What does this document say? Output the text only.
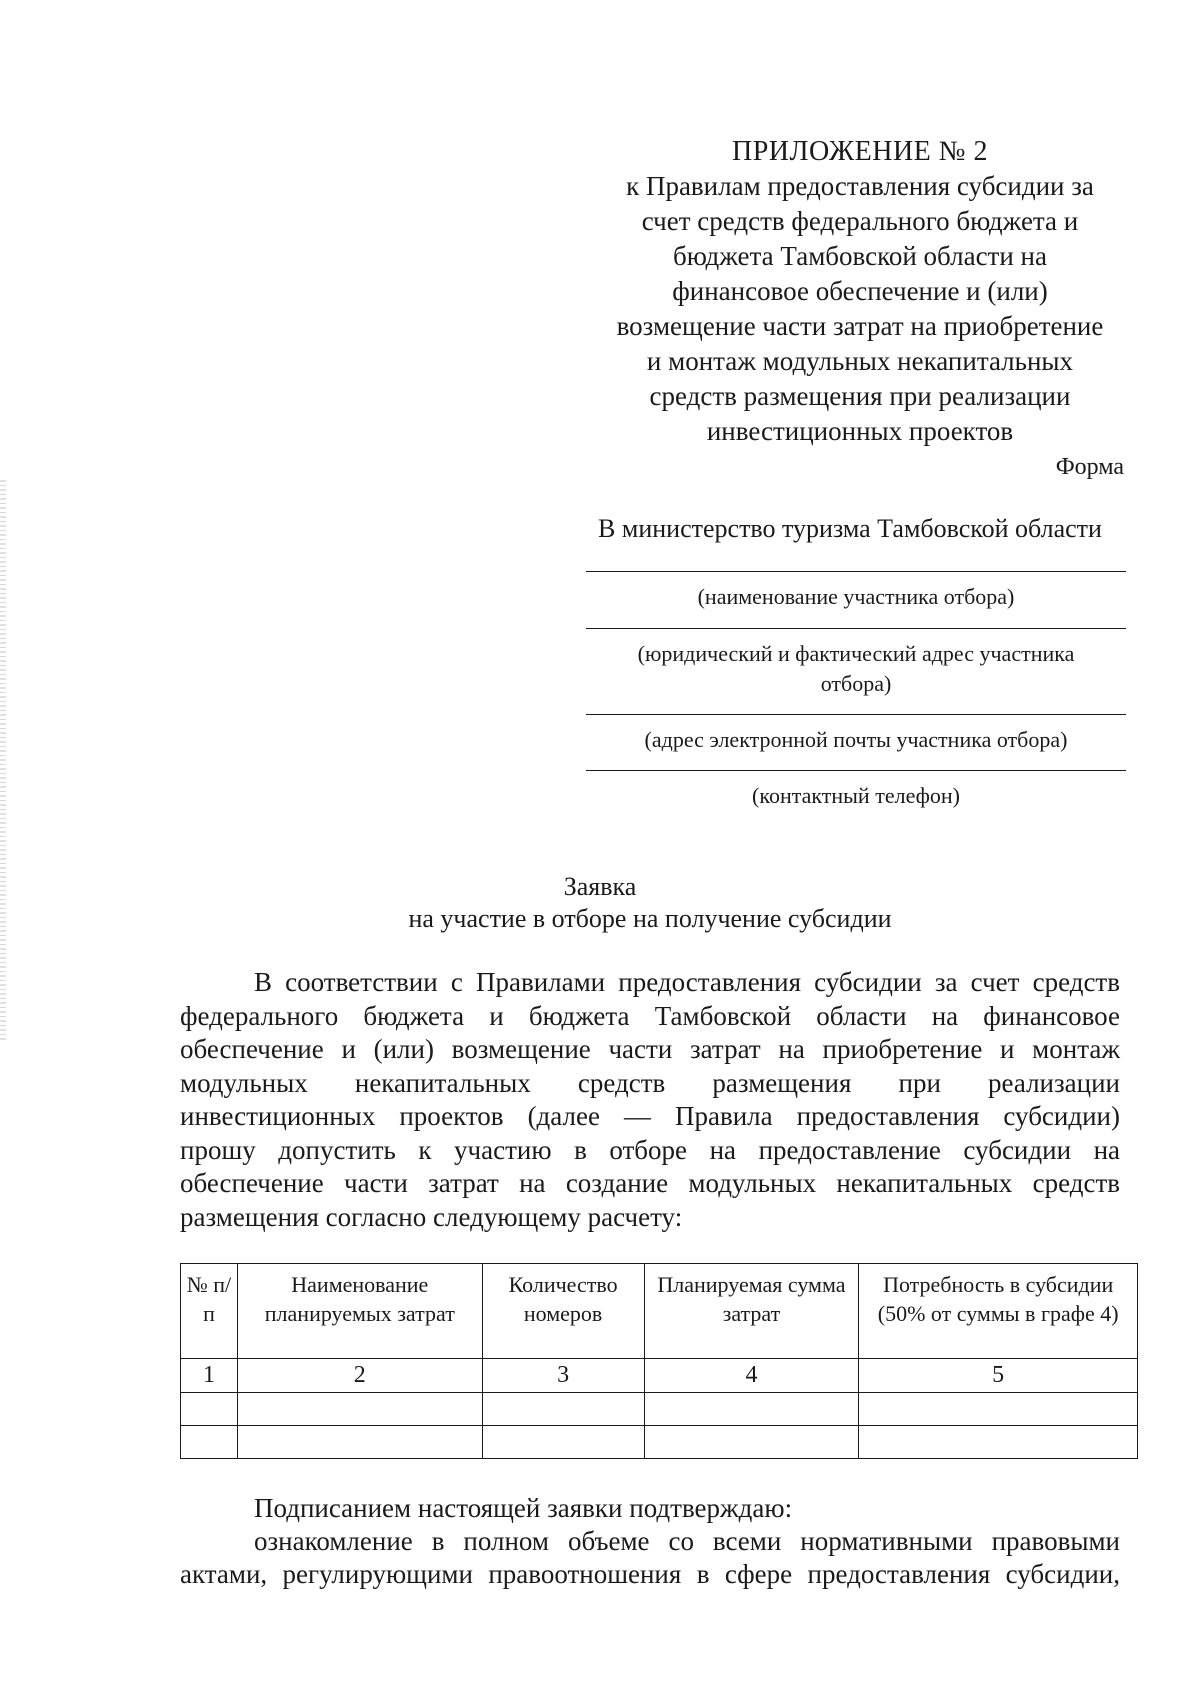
ПРИЛОЖЕНИЕ № 2
к Правилам предоставления субсидии за
счет средств федерального бюджета и
бюджета Тамбовской области на
финансовое обеспечение и (или)
возмещение части затрат на приобретение
и монтаж модульных некапитальных
средств размещения при реализации
инвестиционных проектов
Форма
В министерство туризма Тамбовской области
(наименование участника отбора)
(юридический и фактический адрес участника отбора)
(адрес электронной почты участника отбора)
(контактный телефон)
Заявка
на участие в отборе на получение субсидии
В соответствии с Правилами предоставления субсидии за счет средств
федерального бюджета и бюджета Тамбовской области на финансовое
обеспечение и (или) возмещение части затрат на приобретение и монтаж
модульных некапитальных средств размещения при реализации
инвестиционных проектов (далее — Правила предоставления субсидии)
прошу допустить к участию в отборе на предоставление субсидии на
обеспечение части затрат на создание модульных некапитальных средств
размещения согласно следующему расчету:
№ п/п	Наименование планируемых затрат	Количество номеров	Планируемая сумма затрат	Потребность в субсидии (50% от суммы в графе 4)
1	2	3	4	5

Подписанием настоящей заявки подтверждаю:
ознакомление в полном объеме со всеми нормативными правовыми
актами, регулирующими правоотношения в сфере предоставления субсидии,
